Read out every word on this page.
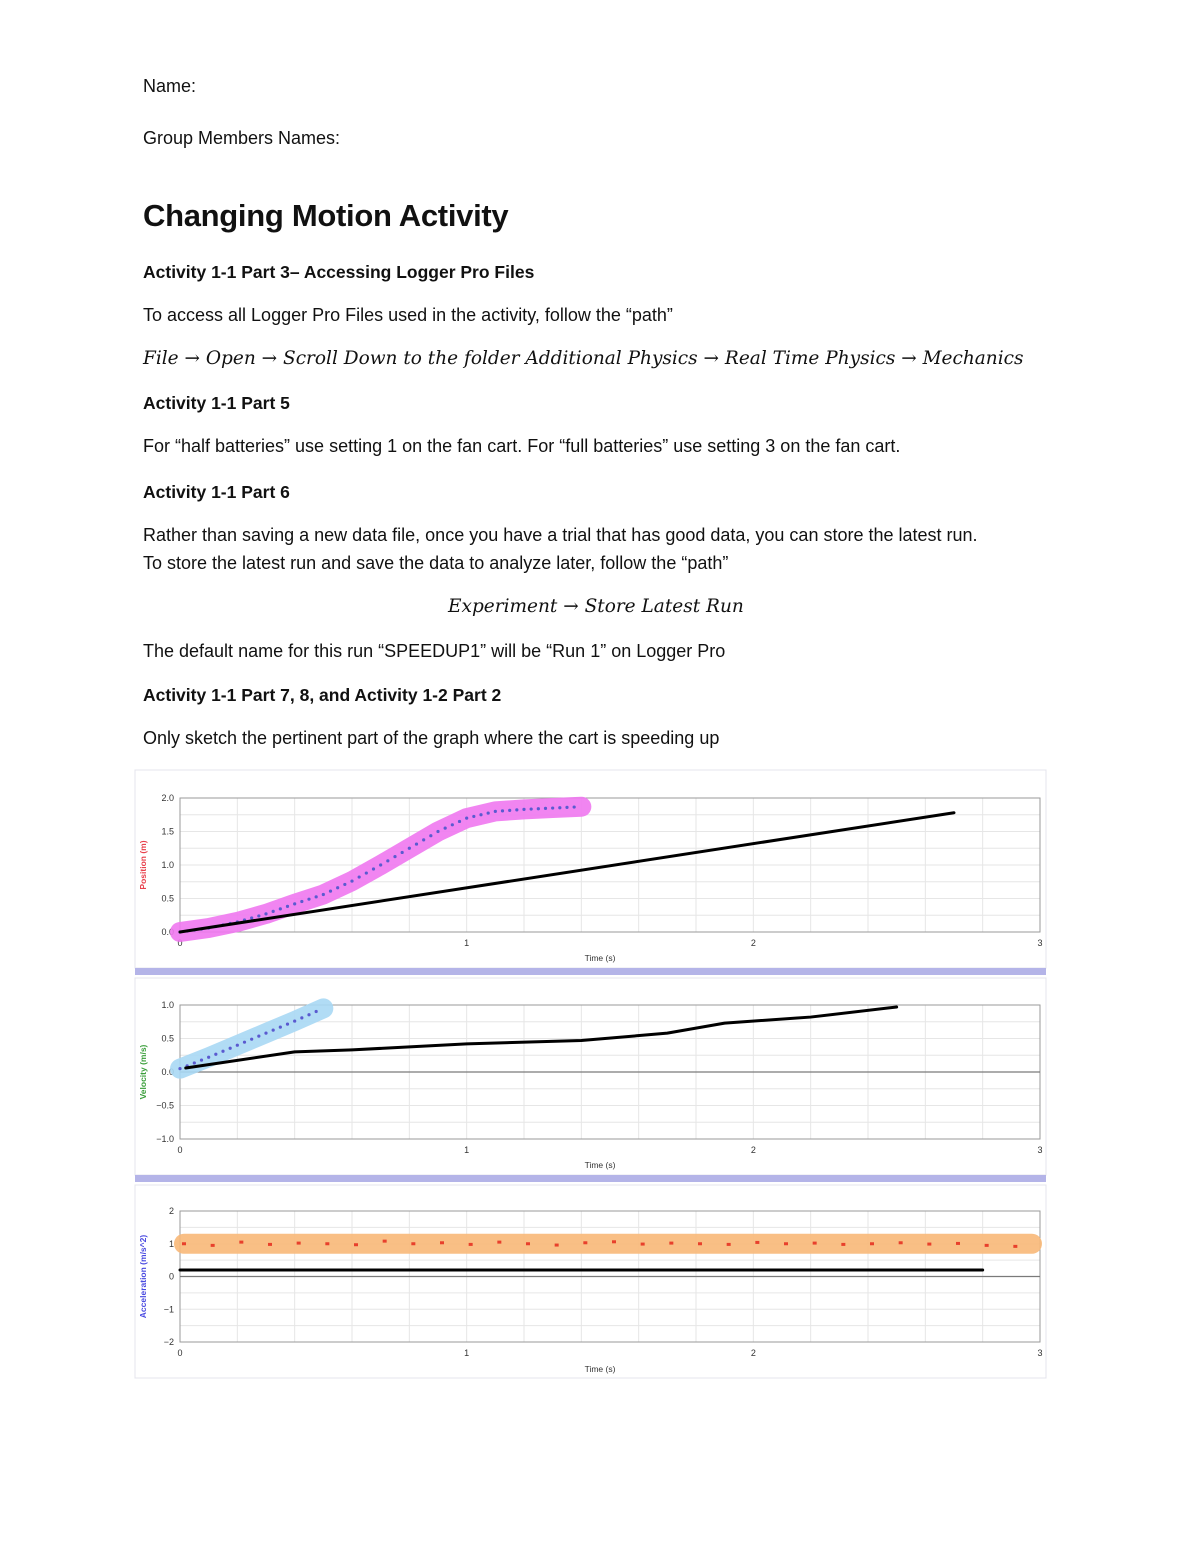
Name:
Group Members Names:
Changing Motion Activity
Activity 1-1 Part 3– Accessing Logger Pro Files
To access all Logger Pro Files used in the activity, follow the “path”
File → Open → Scroll Down to the folder Additional Physics → Real Time Physics → Mechanics
Activity 1-1 Part 5
For “half batteries” use setting 1 on the fan cart. For “full batteries” use setting 3 on the fan cart.
Activity 1-1 Part 6
Rather than saving a new data file, once you have a trial that has good data, you can store the latest run.
To store the latest run and save the data to analyze later, follow the “path”
Experiment → Store Latest Run
The default name for this run “SPEEDUP1” will be “Run 1” on Logger Pro
Activity 1-1 Part 7, 8, and Activity 1-2 Part 2
Only sketch the pertinent part of the graph where the cart is speeding up
0	1	2	3
0.0
0.5
1.0
1.5
2.0
Time (s)
Position (m)
0	1	2	3
−1.0
−0.5
0.0
0.5
1.0
Time (s)
Velocity (m/s)
0	1	2	3
−2
−1
0
1
2
Time (s)
Acceleration (m/s^2)
